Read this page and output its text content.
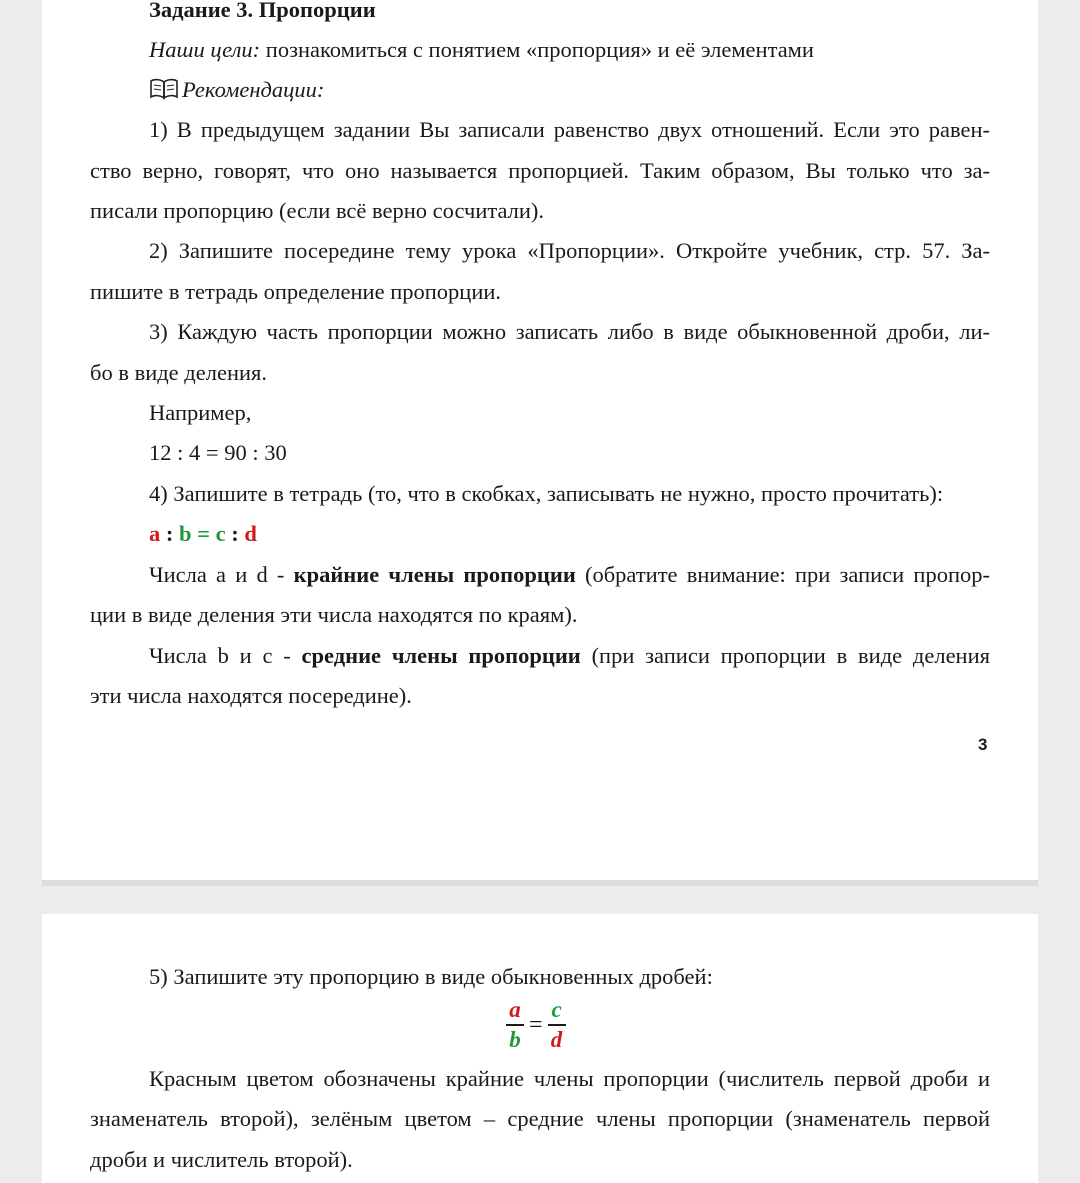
Задание 3. Пропорции
Наши цели: познакомиться с понятием «пропорция» и её элементами
Рекомендации:
1) В предыдущем задании Вы записали равенство двух отношений. Если это равен-
ство верно, говорят, что оно называется пропорцией. Таким образом, Вы только что за-
писали пропорцию (если всё верно сосчитали).
2) Запишите посередине тему урока «Пропорции». Откройте учебник, стр. 57. За-
пишите в тетрадь определение пропорции.
3) Каждую часть пропорции можно записать либо в виде обыкновенной дроби, ли-
бо в виде деления.
Например,
12 : 4 = 90 : 30
4) Запишите в тетрадь (то, что в скобках, записывать не нужно, просто прочитать):
a : b = c : d
Числа a и d - крайние члены пропорции (обратите внимание: при записи пропор-
ции в виде деления эти числа находятся по краям).
Числа b и c - средние члены пропорции (при записи пропорции в виде деления
эти числа находятся посередине).
3
5) Запишите эту пропорцию в виде обыкновенных дробей:
$\frac{a}{b} = \frac{c}{d}$
Красным цветом обозначены крайние члены пропорции (числитель первой дроби и
знаменатель второй), зелёным цветом – средние члены пропорции (знаменатель первой
дроби и числитель второй).
